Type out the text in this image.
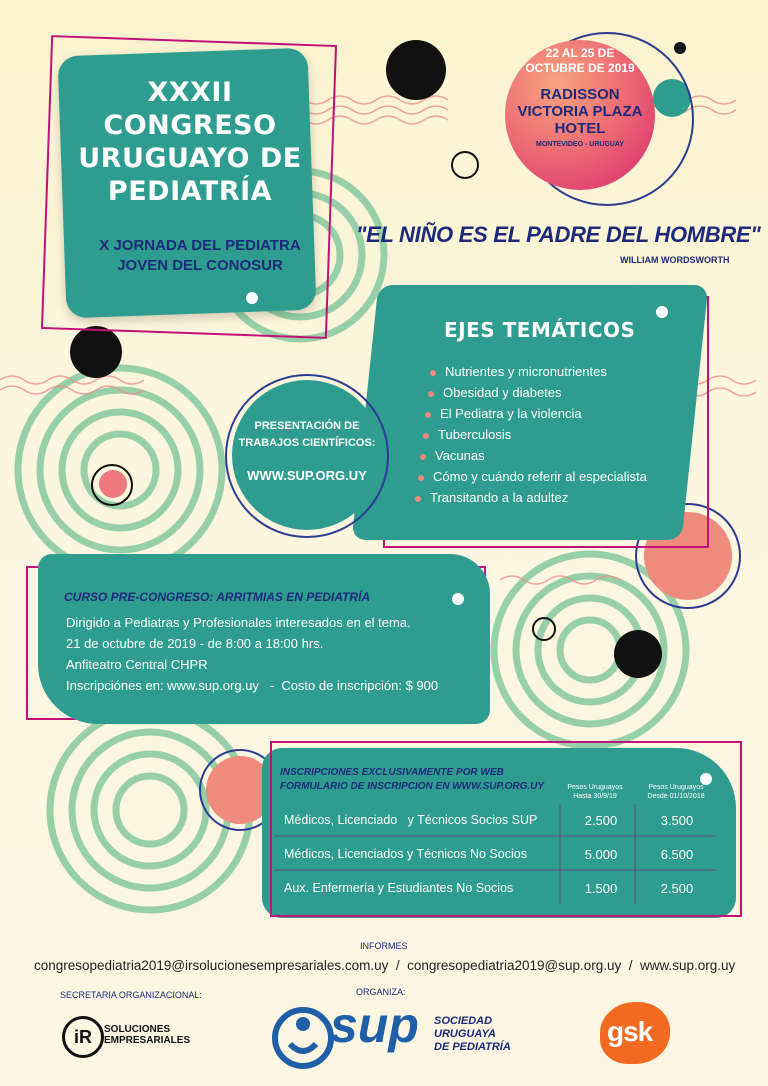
XXXII
CONGRESO
URUGUAYO DE
PEDIATRÍA
X JORNADA DEL PEDIATRA
JOVEN DEL CONOSUR
22 AL 25 DE
OCTUBRE DE 2019
RADISSON
VICTORIA PLAZA
HOTEL
MONTEVIDEO - URUGUAY
"EL NIÑO ES EL PADRE DEL HOMBRE"
WILLIAM WORDSWORTH
EJES TEMÁTICOS
Nutrientes y micronutrientes
Obesidad y diabetes
El Pediatra y la violencia
Tuberculosis
Vacunas
Cómo y cuándo referir al especialista
Transitando a la adultez
PRESENTACIÓN DE
TRABAJOS CIENTÍFICOS:
WWW.SUP.ORG.UY
CURSO PRE-CONGRESO: ARRITMIAS EN PEDIATRÍA
Dirigido a Pediatras y Profesionales interesados en el tema.
21 de octubre de 2019 - de 8:00 a 18:00 hrs.
Anfiteatro Central CHPR
Inscripciónes en: www.sup.org.uy   -  Costo de inscripción: $ 900
INSCRIPCIONES EXCLUSIVAMENTE POR WEB
FORMULARIO DE INSCRIPCION EN WWW.SUP.ORG.UY	Pesos Uruguayos
Hasta 30/9/19
Pesos Uruguayos
Desde 01/10/2018
Médicos, Licenciado   y Técnicos Socios SUP	2.500	3.500
Médicos, Licenciados y Técnicos No Socios	5.000	6.500
Aux. Enfermería y Estudiantes No Socios	1.500	2.500
INFORMES
congresopediatria2019@irsolucionesempresariales.com.uy  /  congresopediatria2019@sup.org.uy  /  www.sup.org.uy
SECRETARIA ORGANIZACIONAL:	ORGANIZA:
iR	SOLUCIONES
EMPRESARIALES	sup SOCIEDAD
URUGUAYA
DE PEDIATRÍA	gsk
